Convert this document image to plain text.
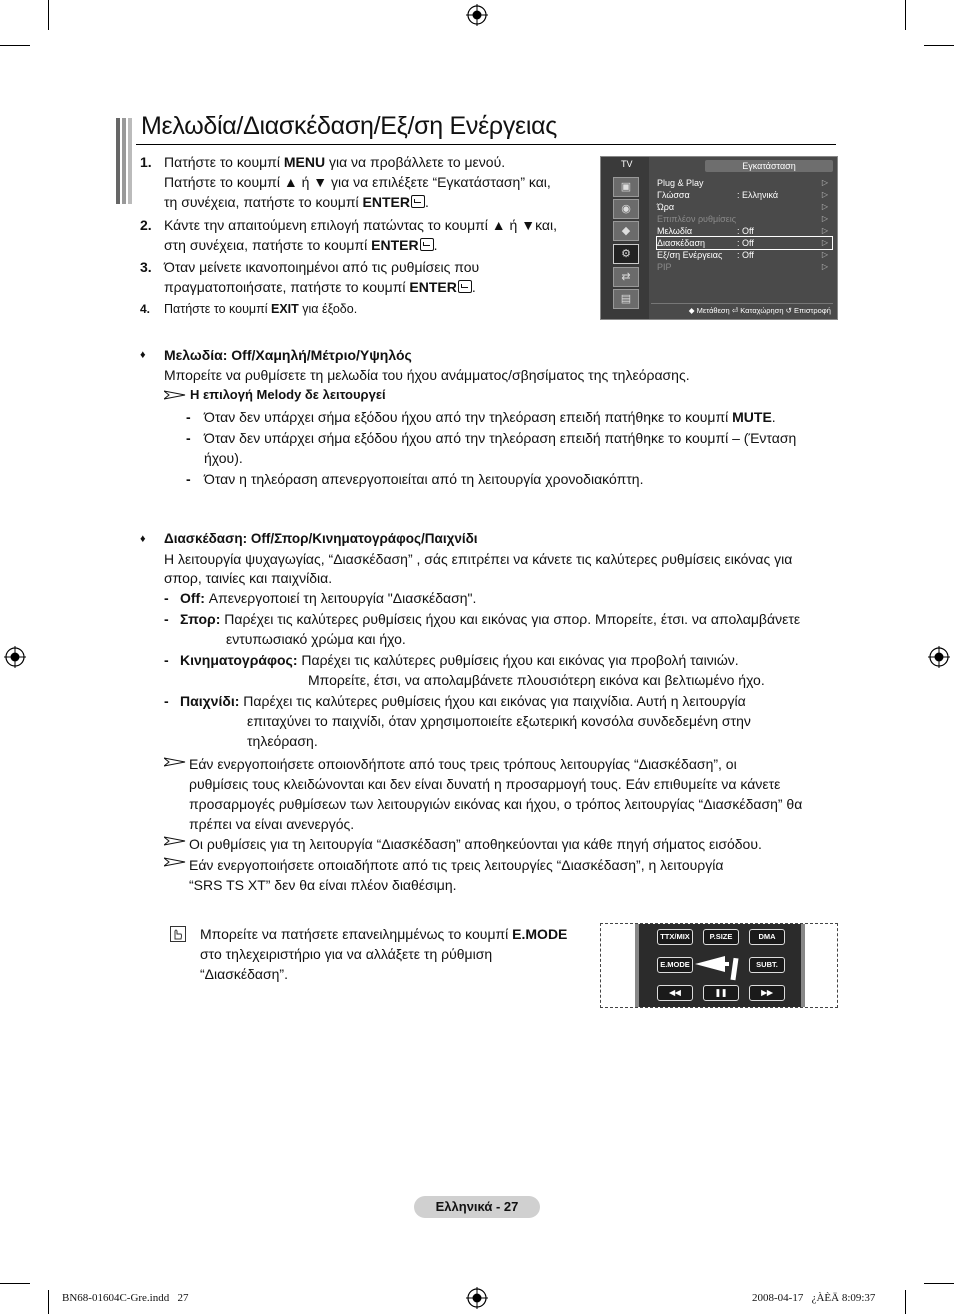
Μελωδία/Διασκέδαση/Εξ/ση Ενέργειας
1. Πατήστε το κουμπί MENU για να προβάλλετε το μενού.
Πατήστε το κουμπί ▲ ή ▼ για να επιλέξετε “Εγκατάσταση” και,
τη συνέχεια, πατήστε το κουμπί ENTER .
2. Κάντε την απαιτούμενη επιλογή πατώντας το κουμπί ▲ ή ▼και,
στη συνέχεια, πατήστε το κουμπί ENTER .
3. Όταν μείνετε ικανοποιημένοι από τις ρυθμίσεις που
πραγματοποιήσατε, πατήστε το κουμπί ENTER .
4. Πατήστε το κουμπί EXIT για έξοδο.
TV	Εγκατάσταση
▣
◉
◆
⚙
⇄
▤
Plug & Play	▷
Γλώσσα	: Ελληνικά	▷
Ώρα	▷
Επιπλέον ρυθμίσεις	▷
Μελωδία	: Off	▷
Διασκέδαση	: Off	▷
Εξ/ση Ενέργειας : Off	▷
PIP	▷
◆ Μετάθεση ⏎ Καταχώρηση ↺ Επιστροφή
♦ Μελωδία: Off/Χαμηλή/Μέτριο/Υψηλός
Μπορείτε να ρυθμίσετε τη μελωδία του ήχου ανάμματος/σβησίματος της τηλεόρασης.
Η επιλογή Melody δε λειτουργεί
- Όταν δεν υπάρχει σήμα εξόδου ήχου από την τηλεόραση επειδή πατήθηκε το κουμπί MUTE.
- Όταν δεν υπάρχει σήμα εξόδου ήχου από την τηλεόραση επειδή πατήθηκε το κουμπί – (Ένταση
ήχου).
- Όταν η τηλεόραση απενεργοποιείται από τη λειτουργία χρονοδιακόπτη.
♦ Διασκέδαση: Off/Σπορ/Κινηματογράφος/Παιχνίδι
Η λειτουργία ψυχαγωγίας, “Διασκέδαση” , σάς επιτρέπει να κάνετε τις καλύτερες ρυθμίσεις εικόνας για
σπορ, ταινίες και παιχνίδια.
- Off: Απενεργοποιεί τη λειτουργία "Διασκέδαση".
- Σπορ: Παρέχει τις καλύτερες ρυθμίσεις ήχου και εικόνας για σπορ. Μπορείτε, έτσι. να απολαμβάνετε
εντυπωσιακό χρώμα και ήχο.
- Κινηματογράφος: Παρέχει τις καλύτερες ρυθμίσεις ήχου και εικόνας για προβολή ταινιών.
Μπορείτε, έτσι, να απολαμβάνετε πλουσιότερη εικόνα και βελτιωμένο ήχο.
- Παιχνίδι: Παρέχει τις καλύτερες ρυθμίσεις ήχου και εικόνας για παιχνίδια. Αυτή η λειτουργία
επιταχύνει το παιχνίδι, όταν χρησιμοποιείτε εξωτερική κονσόλα συνδεδεμένη στην
τηλεόραση.
Εάν ενεργοποιήσετε οποιονδήποτε από τους τρεις τρόπους λειτουργίας “Διασκέδαση”, οι
ρυθμίσεις τους κλειδώνονται και δεν είναι δυνατή η προσαρμογή τους. Εάν επιθυμείτε να κάνετε
προσαρμογές ρυθμίσεων των λειτουργιών εικόνας και ήχου, ο τρόπος λειτουργίας “Διασκέδαση” θα
πρέπει να είναι ανενεργός.
Οι ρυθμίσεις για τη λειτουργία “Διασκέδαση” αποθηκεύονται για κάθε πηγή σήματος εισόδου.
Εάν ενεργοποιήσετε οποιαδήποτε από τις τρεις λειτουργίες “Διασκέδαση”, η λειτουργία
“SRS TS XT” δεν θα είναι πλέον διαθέσιμη.
Μπορείτε να πατήσετε επανειλημμένως το κουμπί E.MODE
στο τηλεχειριστήριο για να αλλάξετε τη ρύθμιση
“Διασκέδαση”.
TTX/MIX	P.SIZE	DMA
E.MODE	SUBT.
◀◀	❚❚	▶▶
Ελληνικά - 27
BN68-01604C-Gre.indd   27	2008-04-17   ¿ÀÈÄ 8:09:37
